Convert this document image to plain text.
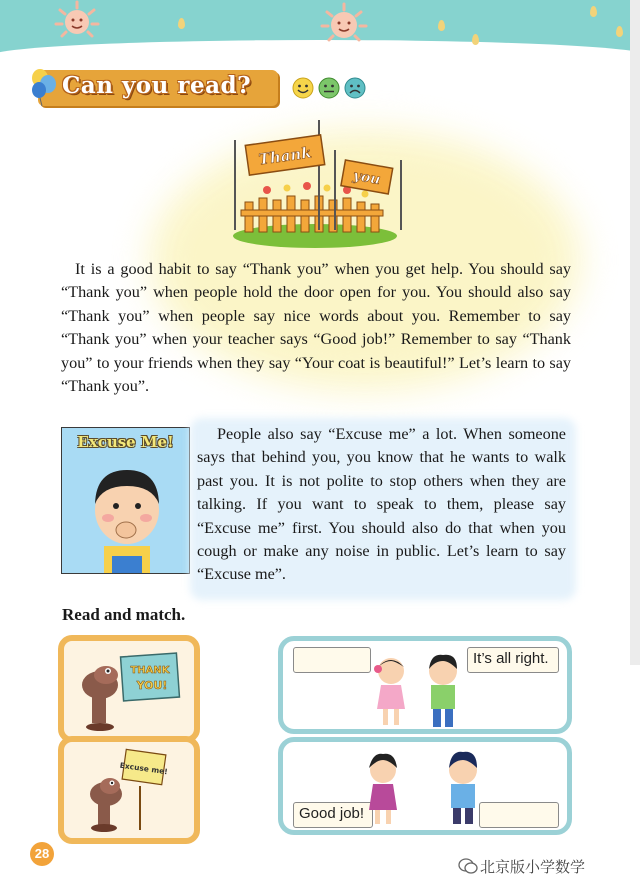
Can you read?
Thank
you
It is a good habit to say “Thank you” when you get help. You should say “Thank you” when people hold the door open for you. You should also say “Thank you” when people say nice words about you. Remember to say “Thank you” when your teacher says “Good job!” Remember to say “Thank you” to your friends when they say “Your coat is beautiful!” Let’s learn to say “Thank you”.
Excuse Me!	People also say “Excuse me” a lot. When someone says that behind you, you know that he wants to walk past you. It is not polite to stop others when they are talking. If you want to speak to them, please say “Excuse me” first. You should also do that when you cough or make any noise in public. Let’s learn to say “Excuse me”.
Read and match.
THANK
YOU!
Excuse me!
It’s all right.
Good job!
28
北京版小学数学
